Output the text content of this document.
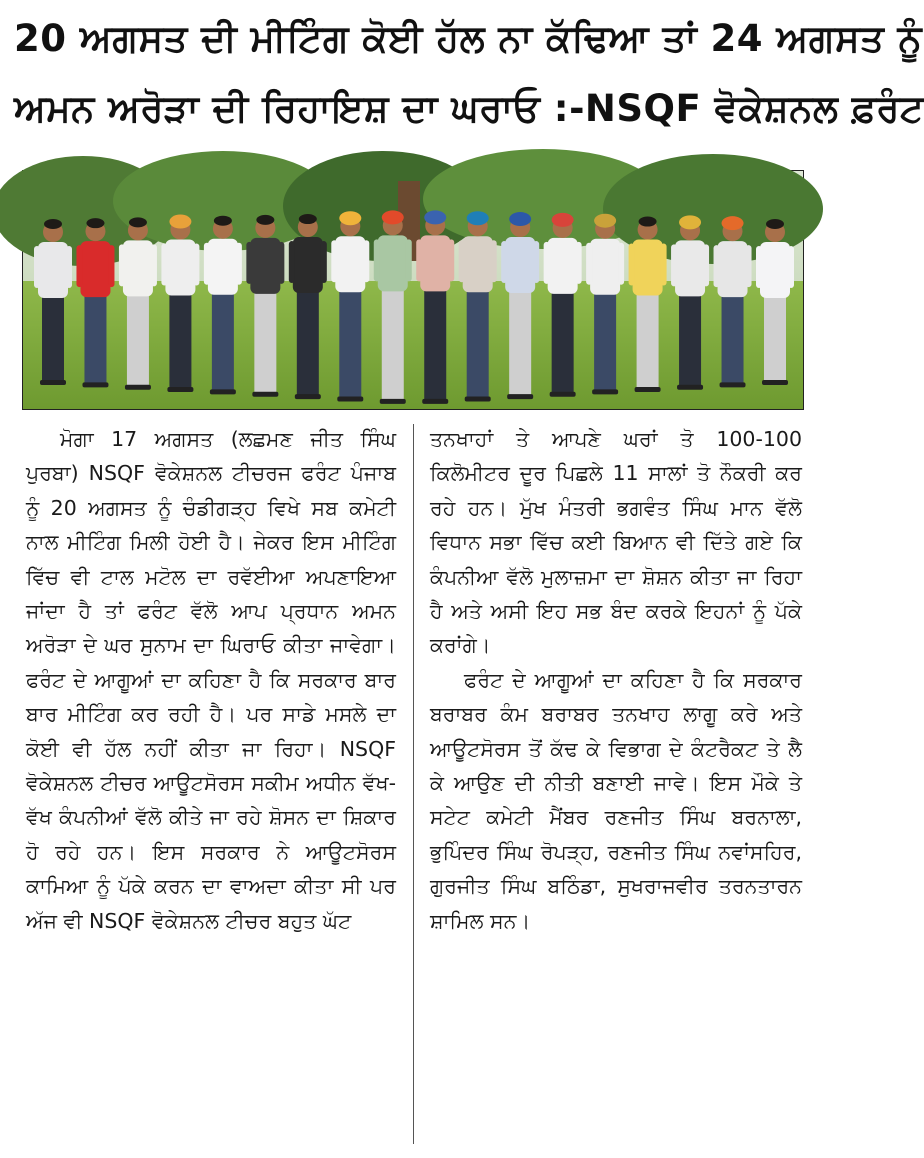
20 ਅਗਸਤ ਦੀ ਮੀਟਿੰਗ ਕੋਈ ਹੱਲ ਨਾ ਕੱਢਿਆ ਤਾਂ 24 ਅਗਸਤ ਨੂੰ
ਅਮਨ ਅਰੋੜਾ ਦੀ ਰਿਹਾਇਸ਼ ਦਾ ਘਰਾਓ :-NSQF ਵੋਕੇਸ਼ਨਲ ਫ਼ਰੰਟ

ਮੋਗਾ 17 ਅਗਸਤ (ਲਛਮਣ ਜੀਤ ਸਿੰਘ ਪੁਰਬਾ) NSQF ਵੋਕੇਸ਼ਨਲ ਟੀਚਰਜ ਫਰੰਟ ਪੰਜਾਬ ਨੂੰ 20 ਅਗਸਤ ਨੂੰ ਚੰਡੀਗੜ੍ਹ ਵਿਖੇ ਸਬ ਕਮੇਟੀ ਨਾਲ ਮੀਟਿੰਗ ਮਿਲੀ ਹੋਈ ਹੈ। ਜੇਕਰ ਇਸ ਮੀਟਿੰਗ ਵਿੱਚ ਵੀ ਟਾਲ ਮਟੋਲ ਦਾ ਰਵੱਈਆ ਅਪਣਾਇਆ ਜਾਂਦਾ ਹੈ ਤਾਂ ਫਰੰਟ ਵੱਲੋ ਆਪ ਪ੍ਰਧਾਨ ਅਮਨ ਅਰੋੜਾ ਦੇ ਘਰ ਸੁਨਾਮ ਦਾ ਘਿਰਾਓ ਕੀਤਾ ਜਾਵੇਗਾ। ਫਰੰਟ ਦੇ ਆਗੂਆਂ ਦਾ ਕਹਿਣਾ ਹੈ ਕਿ ਸਰਕਾਰ ਬਾਰ ਬਾਰ ਮੀਟਿੰਗ ਕਰ ਰਹੀ ਹੈ। ਪਰ ਸਾਡੇ ਮਸਲੇ ਦਾ ਕੋਈ ਵੀ ਹੱਲ ਨਹੀਂ ਕੀਤਾ ਜਾ ਰਿਹਾ। NSQF ਵੋਕੇਸ਼ਨਲ ਟੀਚਰ ਆਊਟਸੋਰਸ ਸਕੀਮ ਅਧੀਨ ਵੱਖ-ਵੱਖ ਕੰਪਨੀਆਂ ਵੱਲੋ ਕੀਤੇ ਜਾ ਰਹੇ ਸ਼ੋਸਨ ਦਾ ਸ਼ਿਕਾਰ ਹੋ ਰਹੇ ਹਨ। ਇਸ ਸਰਕਾਰ ਨੇ ਆਊਟਸੋਰਸ ਕਾਮਿਆ ਨੂੰ ਪੱਕੇ ਕਰਨ ਦਾ ਵਾਅਦਾ ਕੀਤਾ ਸੀ ਪਰ ਅੱਜ ਵੀ NSQF ਵੋਕੇਸ਼ਨਲ ਟੀਚਰ ਬਹੁਤ ਘੱਟ

ਤਨਖਾਹਾਂ ਤੇ ਆਪਣੇ ਘਰਾਂ ਤੋ 100-100 ਕਿਲੋਮੀਟਰ ਦੂਰ ਪਿਛਲੇ 11 ਸਾਲਾਂ ਤੋ ਨੌਕਰੀ ਕਰ ਰਹੇ ਹਨ। ਮੁੱਖ ਮੰਤਰੀ ਭਗਵੰਤ ਸਿੰਘ ਮਾਨ ਵੱਲੋ ਵਿਧਾਨ ਸਭਾ ਵਿੱਚ ਕਈ ਬਿਆਨ ਵੀ ਦਿੱਤੇ ਗਏ ਕਿ ਕੰਪਨੀਆ ਵੱਲੋ ਮੁਲਾਜ਼ਮਾ ਦਾ ਸ਼ੋਸ਼ਨ ਕੀਤਾ ਜਾ ਰਿਹਾ ਹੈ ਅਤੇ ਅਸੀ ਇਹ ਸਭ ਬੰਦ ਕਰਕੇ ਇਹਨਾਂ ਨੂੰ ਪੱਕੇ ਕਰਾਂਗੇ।

ਫਰੰਟ ਦੇ ਆਗੂਆਂ ਦਾ ਕਹਿਣਾ ਹੈ ਕਿ ਸਰਕਾਰ ਬਰਾਬਰ ਕੰਮ ਬਰਾਬਰ ਤਨਖਾਹ ਲਾਗੂ ਕਰੇ ਅਤੇ ਆਊਟਸੋਰਸ ਤੋਂ ਕੱਢ ਕੇ ਵਿਭਾਗ ਦੇ ਕੰਟਰੈਕਟ ਤੇ ਲੈ ਕੇ ਆਉਣ ਦੀ ਨੀਤੀ ਬਣਾਈ ਜਾਵੇ। ਇਸ ਮੌਕੇ ਤੇ ਸਟੇਟ ਕਮੇਟੀ ਮੈਂਬਰ ਰਣਜੀਤ ਸਿੰਘ ਬਰਨਾਲਾ, ਭੁਪਿੰਦਰ ਸਿੰਘ ਰੋਪੜ੍ਹ, ਰਣਜੀਤ ਸਿੰਘ ਨਵਾਂਸਹਿਰ, ਗੁਰਜੀਤ ਸਿੰਘ ਬਠਿੰਡਾ, ਸੁਖਰਾਜਵੀਰ ਤਰਨਤਾਰਨ ਸ਼ਾਮਿਲ ਸਨ।
